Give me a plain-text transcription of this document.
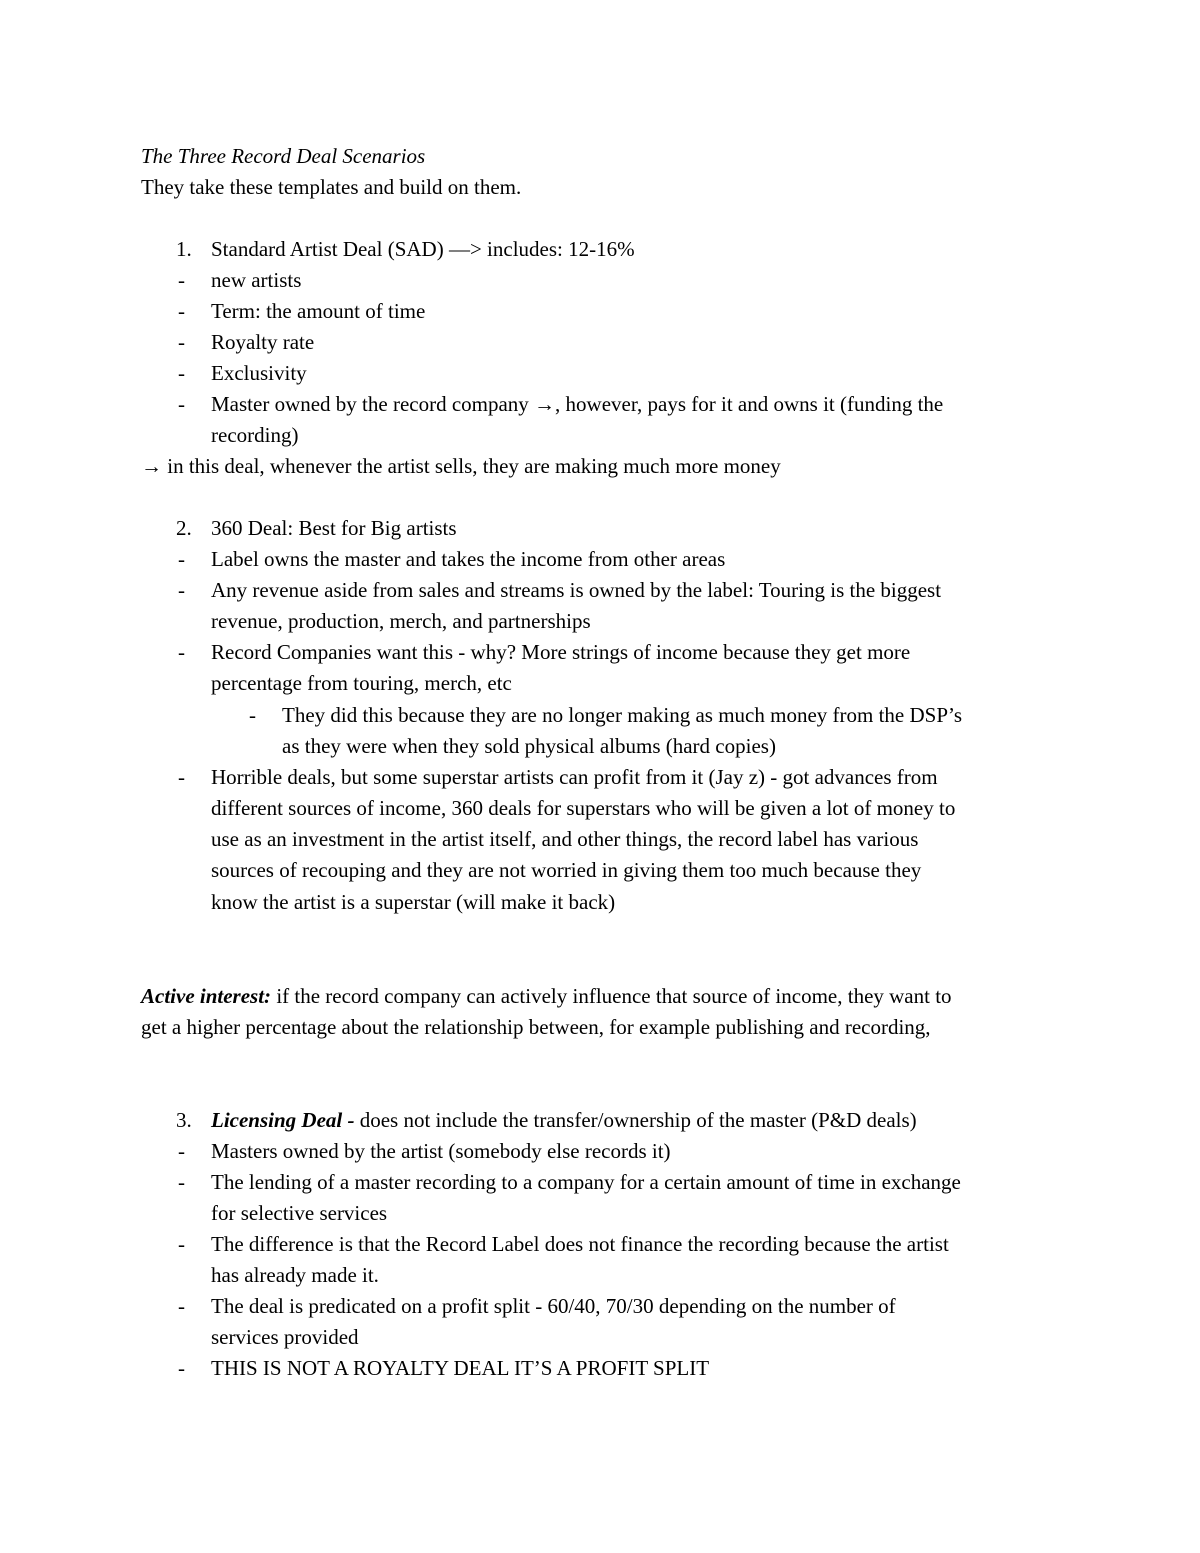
The Three Record Deal Scenarios
They take these templates and build on them.
1. Standard Artist Deal (SAD) —> includes: 12-16%
- new artists
- Term: the amount of time
- Royalty rate
- Exclusivity
- Master owned by the record company →, however, pays for it and owns it (funding the
recording)
→ in this deal, whenever the artist sells, they are making much more money
2. 360 Deal: Best for Big artists
- Label owns the master and takes the income from other areas
- Any revenue aside from sales and streams is owned by the label: Touring is the biggest
revenue, production, merch, and partnerships
- Record Companies want this - why? More strings of income because they get more
percentage from touring, merch, etc
- They did this because they are no longer making as much money from the DSP’s
as they were when they sold physical albums (hard copies)
- Horrible deals, but some superstar artists can profit from it (Jay z) - got advances from
different sources of income, 360 deals for superstars who will be given a lot of money to
use as an investment in the artist itself, and other things, the record label has various
sources of recouping and they are not worried in giving them too much because they
know the artist is a superstar (will make it back)
Active interest: if the record company can actively influence that source of income, they want to
get a higher percentage about the relationship between, for example publishing and recording,
3. Licensing Deal - does not include the transfer/ownership of the master (P&D deals)
- Masters owned by the artist (somebody else records it)
- The lending of a master recording to a company for a certain amount of time in exchange
for selective services
- The difference is that the Record Label does not finance the recording because the artist
has already made it.
- The deal is predicated on a profit split - 60/40, 70/30 depending on the number of
services provided
- THIS IS NOT A ROYALTY DEAL IT’S A PROFIT SPLIT
